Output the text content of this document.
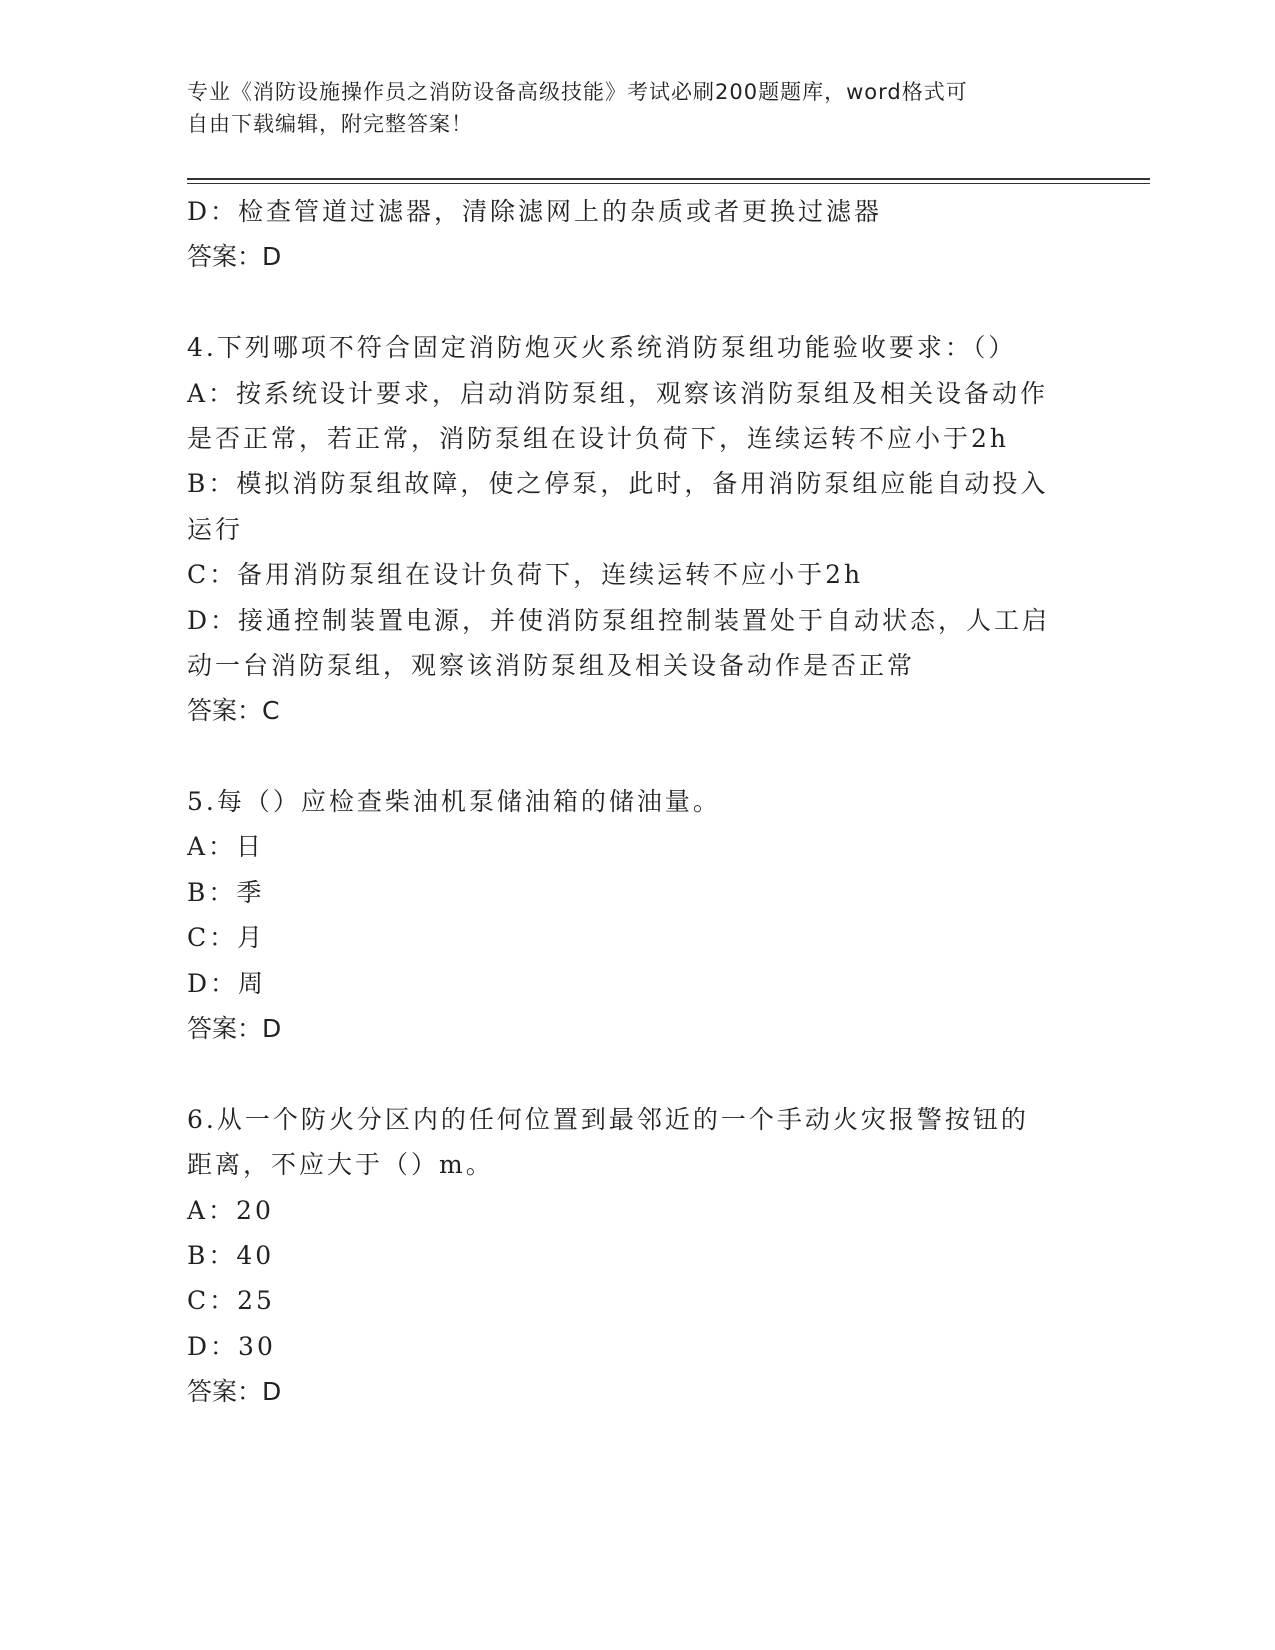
专业《消防设施操作员之消防设备高级技能》考试必刷200题题库，word格式可
自由下载编辑，附完整答案！
D：检查管道过滤器，清除滤网上的杂质或者更换过滤器
答案：D
4.下列哪项不符合固定消防炮灭火系统消防泵组功能验收要求：（）
A：按系统设计要求，启动消防泵组，观察该消防泵组及相关设备动作
是否正常，若正常，消防泵组在设计负荷下，连续运转不应小于2h
B：模拟消防泵组故障，使之停泵，此时，备用消防泵组应能自动投入
运行
C：备用消防泵组在设计负荷下，连续运转不应小于2h
D：接通控制装置电源，并使消防泵组控制装置处于自动状态，人工启
动一台消防泵组，观察该消防泵组及相关设备动作是否正常
答案：C
5.每（）应检查柴油机泵储油箱的储油量。
A：日
B：季
C：月
D：周
答案：D
6.从一个防火分区内的任何位置到最邻近的一个手动火灾报警按钮的
距离，不应大于（）m。
A：20
B：40
C：25
D：30
答案：D
